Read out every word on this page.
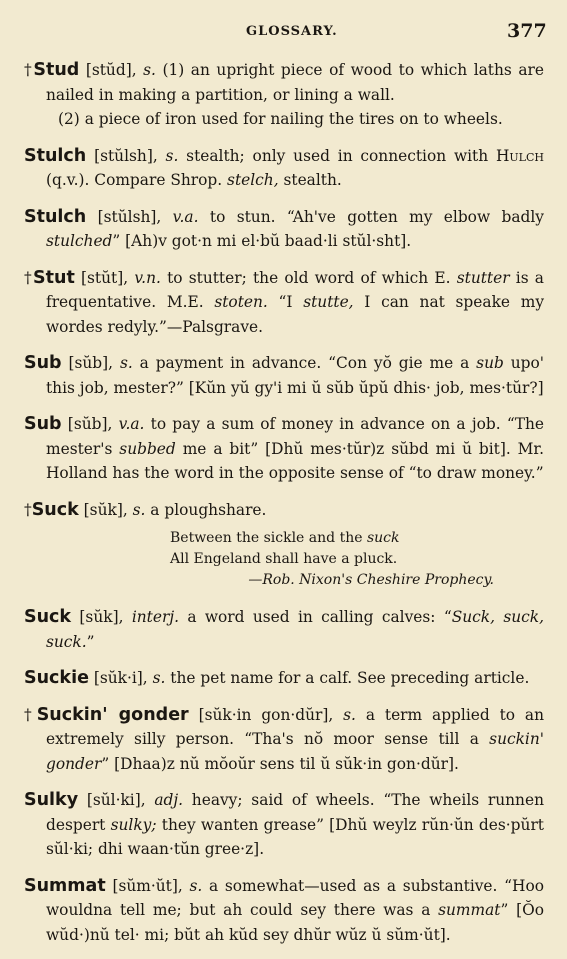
GLOSSARY.	377

†Stud [stŭd], s. (1) an upright piece of wood to which laths are nailed in making a partition, or lining a wall.
(2) a piece of iron used for nailing the tires on to wheels.

Stulch [stŭlsh], s. stealth; only used in connection with Hulch (q.v.). Compare Shrop. stelch, stealth.

Stulch [stŭlsh], v.a. to stun. “Ah've gotten my elbow badly stulched” [Ah)v got·n mi el·bŭ baad·li stŭl·sht].

†Stut [stŭt], v.n. to stutter; the old word of which E. stutter is a frequentative. M.E. stoten. “I stutte, I can nat speake my wordes redyly.”—Palsgrave.

Sub [sŭb], s. a payment in advance. “Con yŏ gie me a sub upo' this job, mester?” [Kŭn yŭ gy'i mi ŭ sŭb ŭpŭ dhis· job, mes·tŭr?]

Sub [sŭb], v.a. to pay a sum of money in advance on a job. “The mester's subbed me a bit” [Dhŭ mes·tŭr)z sŭbd mi ŭ bit]. Mr. Holland has the word in the opposite sense of “to draw money.”

†Suck [sŭk], s. a ploughshare.

Between the sickle and the suck
All Engeland shall have a pluck.
—Rob. Nixon's Cheshire Prophecy.

Suck [sŭk], interj. a word used in calling calves: “Suck, suck, suck.”

Suckie [sŭk·i], s. the pet name for a calf. See preceding article.

†Suckin' gonder [sŭk·in gon·dŭr], s. a term applied to an extremely silly person. “Tha's nŏ moor sense till a suckin' gonder” [Dhaa)z nŭ mŏoŭr sens til ŭ sŭk·in gon·dŭr].

Sulky [sŭl·ki], adj. heavy; said of wheels. “The wheils runnen despert sulky; they wanten grease” [Dhŭ weylz rŭn·ŭn des·pŭrt sŭl·ki; dhi waan·tŭn gree·z].

Summat [sŭm·ŭt], s. a somewhat—used as a substantive. “Hoo wouldna tell me; but ah could sey there was a summat” [Ŏo wŭd·)nŭ tel· mi; bŭt ah kŭd sey dhŭr wŭz ŭ sŭm·ŭt].
